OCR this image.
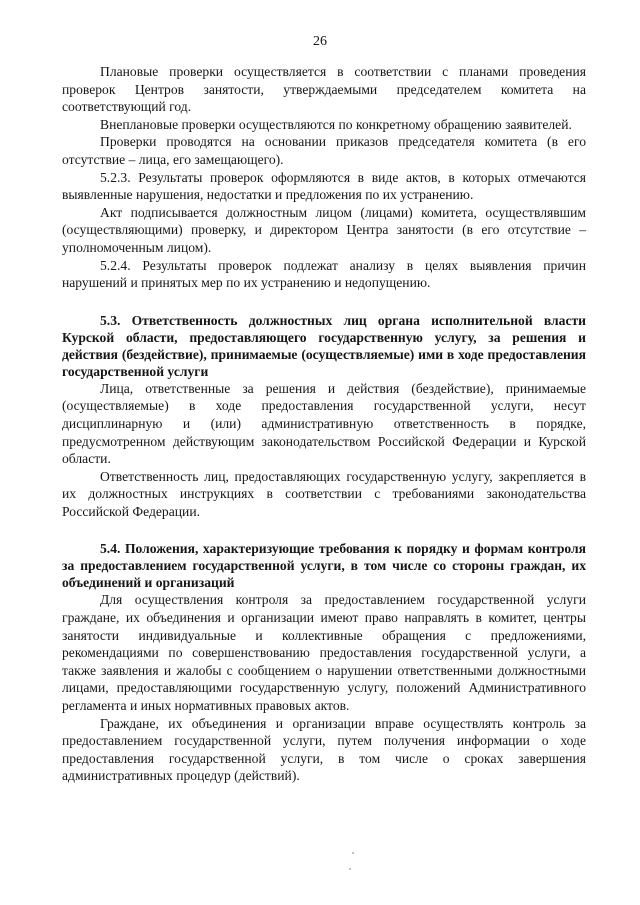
26

Плановые проверки осуществляется в соответствии с планами проведения проверок Центров занятости, утверждаемыми председателем комитета на соответствующий год.

Внеплановые проверки осуществляются по конкретному обращению заявителей.

Проверки проводятся на основании приказов председателя комитета (в его отсутствие – лица, его замещающего).

5.2.3. Результаты проверок оформляются в виде актов, в которых отмечаются выявленные нарушения, недостатки и предложения по их устранению.

Акт подписывается должностным лицом (лицами) комитета, осуществлявшим (осуществляющими) проверку, и директором Центра занятости (в его отсутствие – уполномоченным лицом).

5.2.4. Результаты проверок подлежат анализу в целях выявления причин нарушений и принятых мер по их устранению и недопущению.

5.3. Ответственность должностных лиц органа исполнительной власти Курской области, предоставляющего государственную услугу, за решения и действия (бездействие), принимаемые (осуществляемые) ими в ходе предоставления государственной услуги

Лица, ответственные за решения и действия (бездействие), принимаемые (осуществляемые) в ходе предоставления государственной услуги, несут дисциплинарную и (или) административную ответственность в порядке, предусмотренном действующим законодательством Российской Федерации и Курской области.

Ответственность лиц, предоставляющих государственную услугу, закрепляется в их должностных инструкциях в соответствии с требованиями законодательства Российской Федерации.

5.4. Положения, характеризующие требования к порядку и формам контроля за предоставлением государственной услуги, в том числе со стороны граждан, их объединений и организаций

Для осуществления контроля за предоставлением государственной услуги граждане, их объединения и организации имеют право направлять в комитет, центры занятости индивидуальные и коллективные обращения с предложениями, рекомендациями по совершенствованию предоставления государственной услуги, а также заявления и жалобы с сообщением о нарушении ответственными должностными лицами, предоставляющими государственную услугу, положений Административного регламента и иных нормативных правовых актов.

Граждане, их объединения и организации вправе осуществлять контроль за предоставлением государственной услуги, путем получения информации о ходе предоставления государственной услуги, в том числе о сроках завершения административных процедур (действий).
